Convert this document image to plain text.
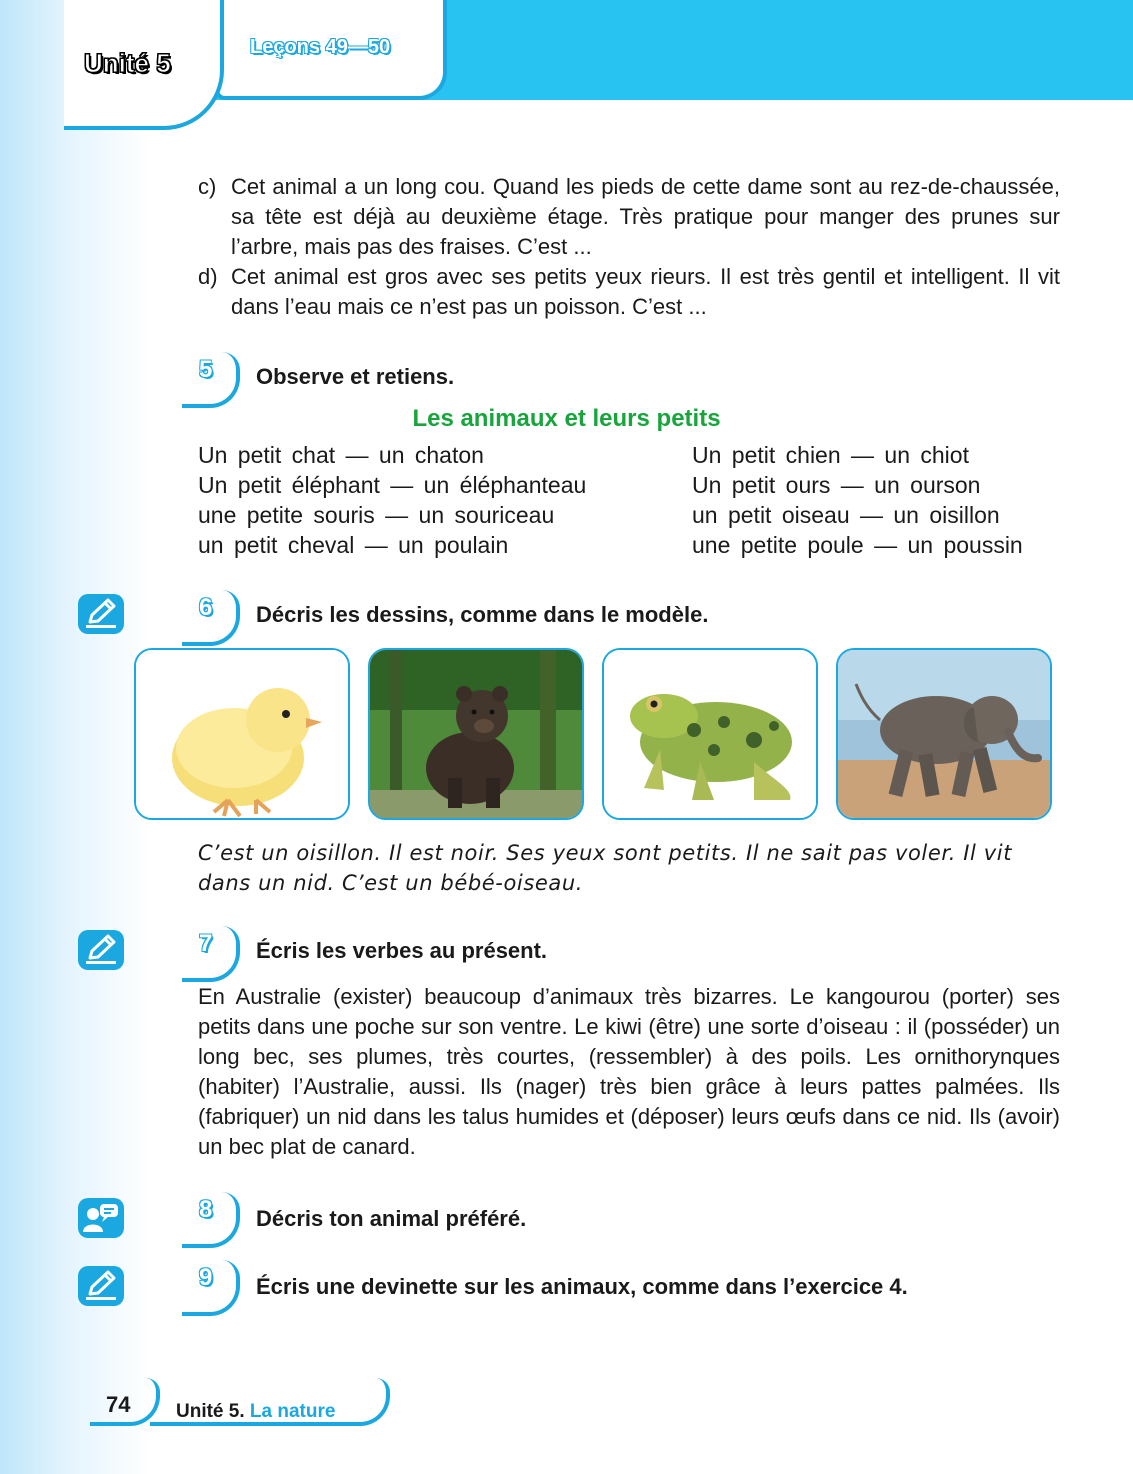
Unité 5
Leçons 49—50
c) Cet animal a un long cou. Quand les pieds de cette dame sont au rez-de-chaussée, sa tête est déjà au deuxième étage. Très pratique pour manger des prunes sur l’arbre, mais pas des fraises. C’est ...
d) Cet animal est gros avec ses petits yeux rieurs. Il est très gentil et intelligent. Il vit dans l’eau mais ce n’est pas un poisson. C’est ...
5 Observe et retiens.
Les animaux et leurs petits
Un petit chat — un chaton
Un petit éléphant — un éléphanteau
une petite souris — un souriceau
un petit cheval — un poulain
Un petit chien — un chiot
Un petit ours — un ourson
un petit oiseau — un oisillon
une petite poule — un poussin
6 Décris les dessins, comme dans le modèle.
C’est un oisillon. Il est noir. Ses yeux sont petits. Il ne sait pas voler. Il vit dans un nid. C’est un bébé-oiseau.
7 Écris les verbes au présent.
En Australie (exister) beaucoup d’animaux très bizarres. Le kangourou (porter) ses petits dans une poche sur son ventre. Le kiwi (être) une sorte d’oiseau : il (posséder) un long bec, ses plumes, très courtes, (ressembler) à des poils. Les ornithorynques (habiter) l’Australie, aussi. Ils (nager) très bien grâce à leurs pattes palmées. Ils (fabriquer) un nid dans les talus humides et (déposer) leurs œufs dans ce nid. Ils (avoir) un bec plat de canard.
8 Décris ton animal préféré.
9 Écris une devinette sur les animaux, comme dans l’exercice 4.
74 Unité 5. La nature
